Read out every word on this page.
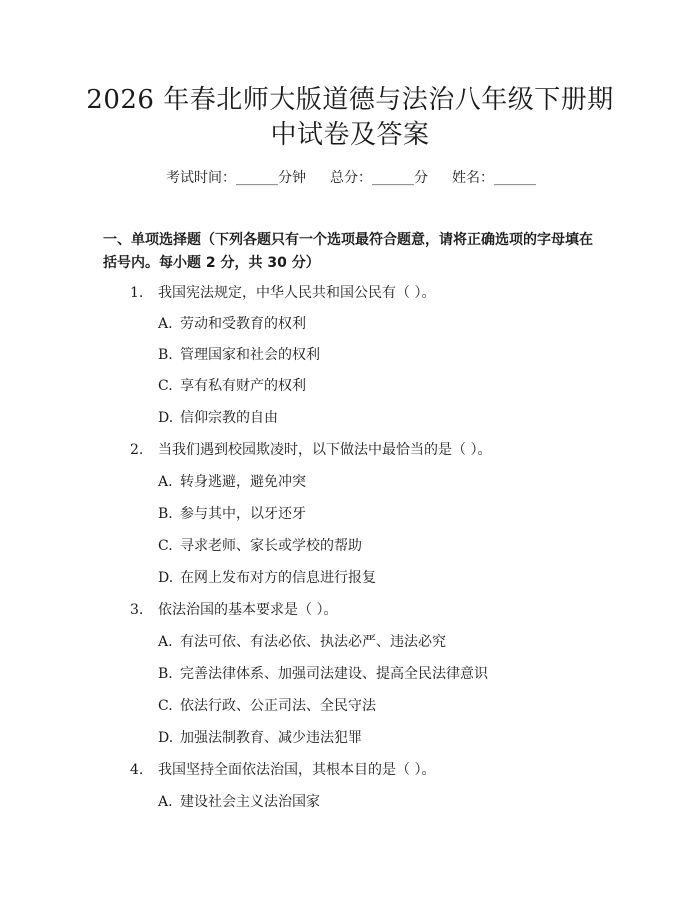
2026 年春北师大版道德与法治八年级下册期
中试卷及答案
考试时间：______分钟 总分：______分 姓名：______
一、单项选择题（下列各题只有一个选项最符合题意，请将正确选项的字母填在
括号内。每小题 2 分，共 30 分）
1. 我国宪法规定，中华人民共和国公民有（ ）。
A. 劳动和受教育的权利
B. 管理国家和社会的权利
C. 享有私有财产的权利
D. 信仰宗教的自由
2. 当我们遇到校园欺凌时，以下做法中最恰当的是（ ）。
A. 转身逃避，避免冲突
B. 参与其中，以牙还牙
C. 寻求老师、家长或学校的帮助
D. 在网上发布对方的信息进行报复
3. 依法治国的基本要求是（ ）。
A. 有法可依、有法必依、执法必严、违法必究
B. 完善法律体系、加强司法建设、提高全民法律意识
C. 依法行政、公正司法、全民守法
D. 加强法制教育、减少违法犯罪
4. 我国坚持全面依法治国，其根本目的是（ ）。
A. 建设社会主义法治国家
